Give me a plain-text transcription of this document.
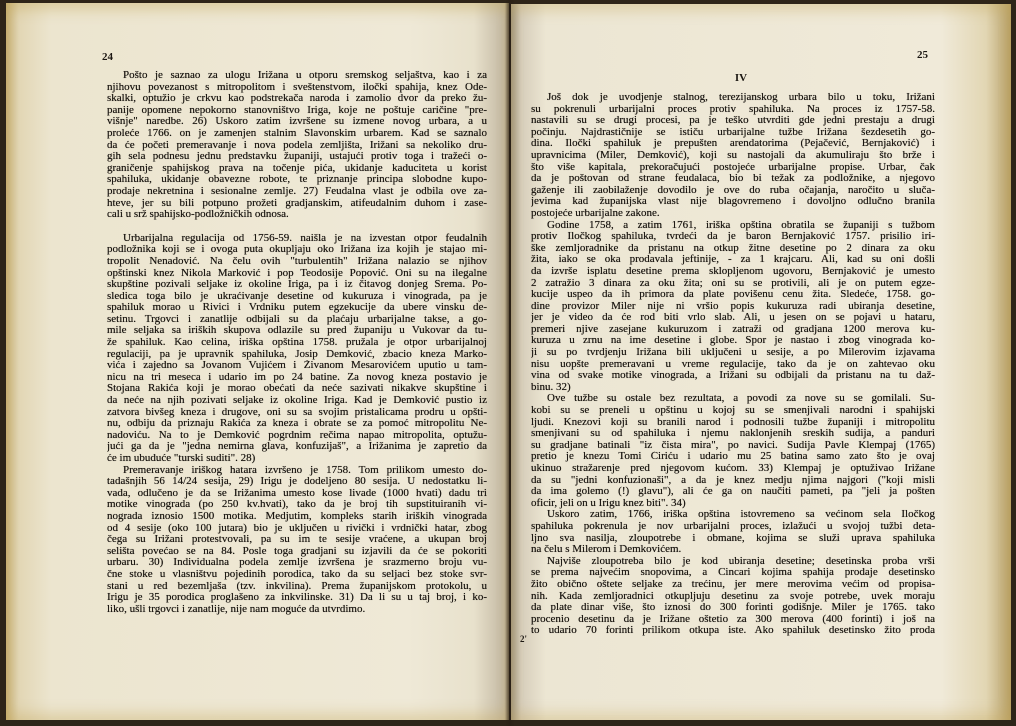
24
Pošto je saznao za ulogu Irižana u otporu sremskog seljaštva, kao i za
njihovu povezanost s mitropolitom i sveštenstvom, iločki spahija, knez Ode-
skalki, optužio je crkvu kao podstrekača naroda i zamolio dvor da preko žu-
panije opomene nepokorno stanovništvo Iriga, koje ne poštuje caričine "pre-
višnje" naredbe. 26) Uskoro zatim izvršene su izmene novog urbara, a u
proleće 1766. on je zamenjen stalnim Slavonskim urbarem. Kad se saznalo
da će početi premeravanje i nova podela zemljišta, Irižani sa nekoliko dru-
gih sela podnesu jednu predstavku županiji, ustajući protiv toga i tražeći o-
graničenje spahijskog prava na točenje pića, ukidanje kaduciteta u korist
spahiluka, ukidanje obavezne robote, te priznanje principa slobodne kupo-
prodaje nekretnina i sesionalne zemlje. 27) Feudalna vlast je odbila ove za-
hteve, jer su bili potpuno prožeti gradjanskim, atifeudalnim duhom i zase-
cali u srž spahijsko-podložničkih odnosa.
Urbarijalna regulacija od 1756-59. naišla je na izvestan otpor feudalnih
podložnika koji se i ovoga puta okupljaju oko Irižana iza kojih je stajao mi-
tropolit Nenadović. Na čelu ovih "turbulentih" Irižana nalazio se njihov
opštinski knez Nikola Marković i pop Teodosije Popović. Oni su na ilegalne
skupštine pozivali seljake iz okoline Iriga, pa i iz čitavog donjeg Srema. Po-
sledica toga bilo je ukraćivanje desetine od kukuruza i vinograda, pa je
spahiluk morao u Rivici i Vrdniku putem egzekucije da ubere vinsku de-
setinu. Trgovci i zanatlije odbijali su da plaćaju urbarijalne takse, a go-
mile seljaka sa iriških skupova odlazile su pred županiju u Vukovar da tu-
že spahiluk. Kao celina, iriška opština 1758. pružala je otpor urbarijalnoj
regulaciji, pa je upravnik spahiluka, Josip Demković, zbacio kneza Marko-
vića i zajedno sa Jovanom Vujićem i Živanom Mesarovićem uputio u tam-
nicu na tri meseca i udario im po 24 batine. Za novog kneza postavio je
Stojana Rakića koji je morao obećati da neće sazivati nikakve skupštine i
da neće na njih pozivati seljake iz okoline Iriga. Kad je Demković pustio iz
zatvora bivšeg kneza i drugove, oni su sa svojim pristalicama prodru u opšti-
nu, odbiju da priznaju Rakića za kneza i obrate se za pomoć mitropolitu Ne-
nadoviću. Na to je Demković pogrdnim rečima napao mitropolita, optužu-
jući ga da je "jedna nemirna glava, konfuzijaš", a Irižanima je zapretio da
će im ubuduće "turski suditi". 28)
Premeravanje iriškog hatara izvršeno je 1758. Tom prilikom umesto do-
tadašnjih 56 14/24 sesija, 29) Irigu je dodeljeno 80 sesija. U nedostatku li-
vada, odlučeno je da se Irižanima umesto kose livade (1000 hvati) dadu tri
motike vinograda (po 250 kv.hvati), tako da je broj tih supstituiranih vi-
nograda iznosio 1500 motika. Medjutim, kompleks starih iriških vinograda
od 4 sesije (oko 100 jutara) bio je uključen u rivički i vrdnički hatar, zbog
čega su Irižani protestvovali, pa su im te sesije vraćene, a ukupan broj
selišta povećao se na 84. Posle toga gradjani su izjavili da će se pokoriti
urbaru. 30) Individualna podela zemlje izvršena je srazmerno broju vu-
čne stoke u vlasništvu pojedinih porodica, tako da su seljaci bez stoke svr-
stani u red bezemljaša (tzv. inkvilina). Prema županijskom protokolu, u
Irigu je 35 porodica proglašeno za inkvilinske. 31) Da li su u taj broj, i ko-
liko, ušli trgovci i zanatlije, nije nam moguće da utvrdimo.
25
IV
Još dok je uvodjenje stalnog, terezijanskog urbara bilo u toku, Irižani
su pokrenuli urbarijalni proces protiv spahiluka. Na proces iz 1757-58.
nastavili su se drugi procesi, pa je teško utvrditi gde jedni prestaju a drugi
počinju. Najdrastičnije se ističu urbarijalne tužbe Irižana šezdesetih go-
dina. Iločki spahiluk je prepušten arendatorima (Pejačević, Bernjaković) i
upravnicima (Miler, Demković), koji su nastojali da akumuliraju što brže i
što više kapitala, prekoračujući postojeće urbarijalne propise. Urbar, čak
da je poštovan od strane feudalaca, bio bi težak za podložnike, a njegovo
gaženje ili zaobilaženje dovodilo je ove do ruba očajanja, naročito u sluča-
jevima kad županijska vlast nije blagovremeno i dovoljno odlučno branila
postojeće urbarijalne zakone.
Godine 1758, a zatim 1761, iriška opština obratila se županiji s tužbom
protiv Iločkog spahiluka, tvrdeći da je baron Bernjaković 1757. prisilio iri-
ške zemljoradnike da pristanu na otkup žitne desetine po 2 dinara za oku
žita, iako se oka prodavala jeftinije, - za 1 krajcaru. Ali, kad su oni došli
da izvrše isplatu desetine prema sklopljenom ugovoru, Bernjaković je umesto
2 zatražio 3 dinara za oku žita; oni su se protivili, ali je on putem egze-
kucije uspeo da ih primora da plate povišenu cenu žita. Sledeće, 1758. go-
dine provizor Miler nije ni vršio popis kukuruza radi ubiranja desetine,
jer je video da će rod biti vrlo slab. Ali, u jesen on se pojavi u hataru,
premeri njive zasejane kukuruzom i zatraži od gradjana 1200 merova ku-
kuruza u zrnu na ime desetine i globe. Spor je nastao i zbog vinograda ko-
ji su po tvrdjenju Irižana bili uključeni u sesije, a po Milerovim izjavama
nisu uopšte premeravani u vreme regulacije, tako da je on zahtevao oku
vina od svake motike vinograda, a Irižani su odbijali da pristanu na tu daž-
binu. 32)
Ove tužbe su ostale bez rezultata, a povodi za nove su se gomilali. Su-
kobi su se preneli u opštinu u kojoj su se smenjivali narodni i spahijski
ljudi. Knezovi koji su branili narod i podnosili tužbe županiji i mitropolitu
smenjivani su od spahiluka i njemu naklonjenih sreskih sudija, a panduri
su gradjane batinali "iz čista mira", po navici. Sudija Pavle Klempaj (1765)
pretio je knezu Tomi Ćiriću i udario mu 25 batina samo zato što je ovaj
ukinuo stražarenje pred njegovom kućom. 33) Klempaj je optuživao Irižane
da su "jedni konfuzionaši", a da je knez medju njima najgori ("koji misli
da ima golemo (!) glavu"), ali će ga on naučiti pameti, pa "jeli ja pošten
oficir, jeli on u Irigu knez biti". 34)
Uskoro zatim, 1766, iriška opština istovremeno sa većinom sela Iločkog
spahiluka pokrenula je nov urbarijalni proces, izlažući u svojoj tužbi deta-
ljno sva nasilja, zloupotrebe i obmane, kojima se služi uprava spahiluka
na čelu s Milerom i Demkovićem.
Najviše zloupotreba bilo je kod ubiranja desetine; desetinska proba vrši
se prema najvećim snopovima, a Cincari kojima spahija prodaje desetinsko
žito obično oštete seljake za trećinu, jer mere merovima većim od propisa-
nih. Kada zemljoradnici otkupljuju desetinu za svoje potrebe, uvek moraju
da plate dinar više, što iznosi do 300 forinti godišnje. Miler je 1765. tako
procenio desetinu da je Irižane oštetio za 300 merova (400 forinti) i još na
to udario 70 forinti prilikom otkupa iste. Ako spahiluk desetinsko žito proda
2'
